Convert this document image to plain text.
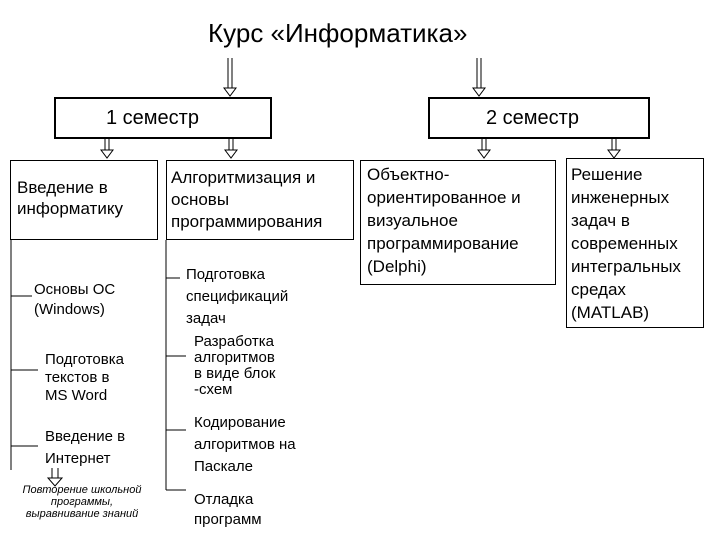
Курс «Информатика»
1 семестр	2 семестр
Введение в
информатику
Алгоритмизация и
основы
программирования
Объектно-
ориентированное и
визуальное
программирование
(Delphi)
Решение
инженерных
задач в
современных
интегральных
средах
(MATLAB)
Основы ОС
(Windows)
Подготовка
текстов в
MS Word
Введение в
Интернет
Повторение школьной
программы,
выравнивание знаний
Подготовка
спецификаций
задач
Разработка
алгоритмов
в виде блок
-схем
Кодирование
алгоритмов на
Паскале
Отладка
программ
